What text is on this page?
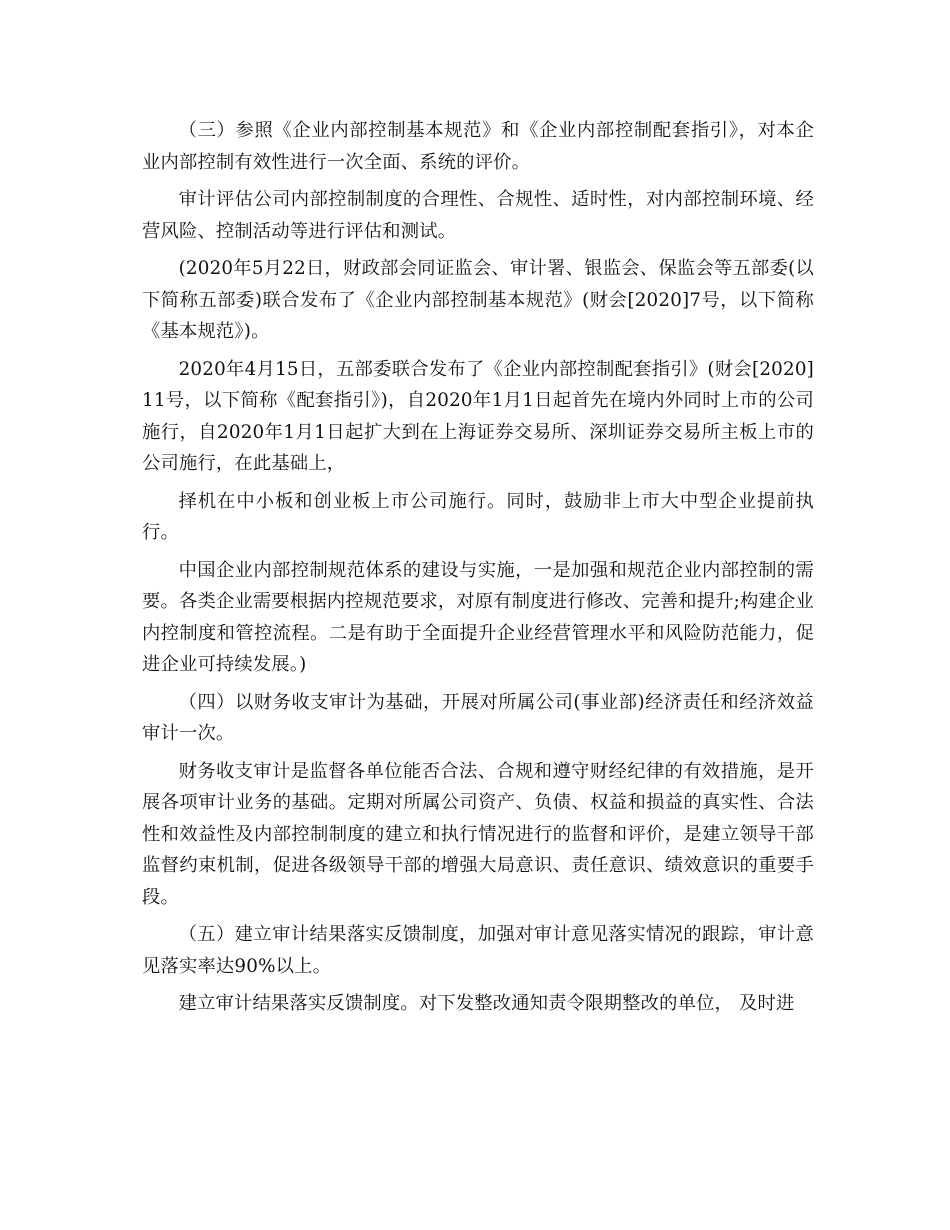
（三）参照《企业内部控制基本规范》和《企业内部控制配套指引》，对本企业内部控制有效性进行一次全面、系统的评价。

审计评估公司内部控制制度的合理性、合规性、适时性，对内部控制环境、经营风险、控制活动等进行评估和测试。

(2020年5月22日，财政部会同证监会、审计署、银监会、保监会等五部委(以下简称五部委)联合发布了《企业内部控制基本规范》(财会[2020]7号，以下简称《基本规范》)。

2020年4月15日，五部委联合发布了《企业内部控制配套指引》(财会[2020]11号，以下简称《配套指引》)，自2020年1月1日起首先在境内外同时上市的公司施行，自2020年1月1日起扩大到在上海证券交易所、深圳证券交易所主板上市的公司施行，在此基础上，

择机在中小板和创业板上市公司施行。同时，鼓励非上市大中型企业提前执行。

中国企业内部控制规范体系的建设与实施，一是加强和规范企业内部控制的需要。各类企业需要根据内控规范要求，对原有制度进行修改、完善和提升;构建企业内控制度和管控流程。二是有助于全面提升企业经营管理水平和风险防范能力，促进企业可持续发展。)

（四）以财务收支审计为基础，开展对所属公司(事业部)经济责任和经济效益审计一次。

财务收支审计是监督各单位能否合法、合规和遵守财经纪律的有效措施，是开展各项审计业务的基础。定期对所属公司资产、负债、权益和损益的真实性、合法性和效益性及内部控制制度的建立和执行情况进行的监督和评价，是建立领导干部监督约束机制，促进各级领导干部的增强大局意识、责任意识、绩效意识的重要手段。

（五）建立审计结果落实反馈制度，加强对审计意见落实情况的跟踪，审计意见落实率达90%以上。

建立审计结果落实反馈制度。对下发整改通知责令限期整改的单位， 及时进
